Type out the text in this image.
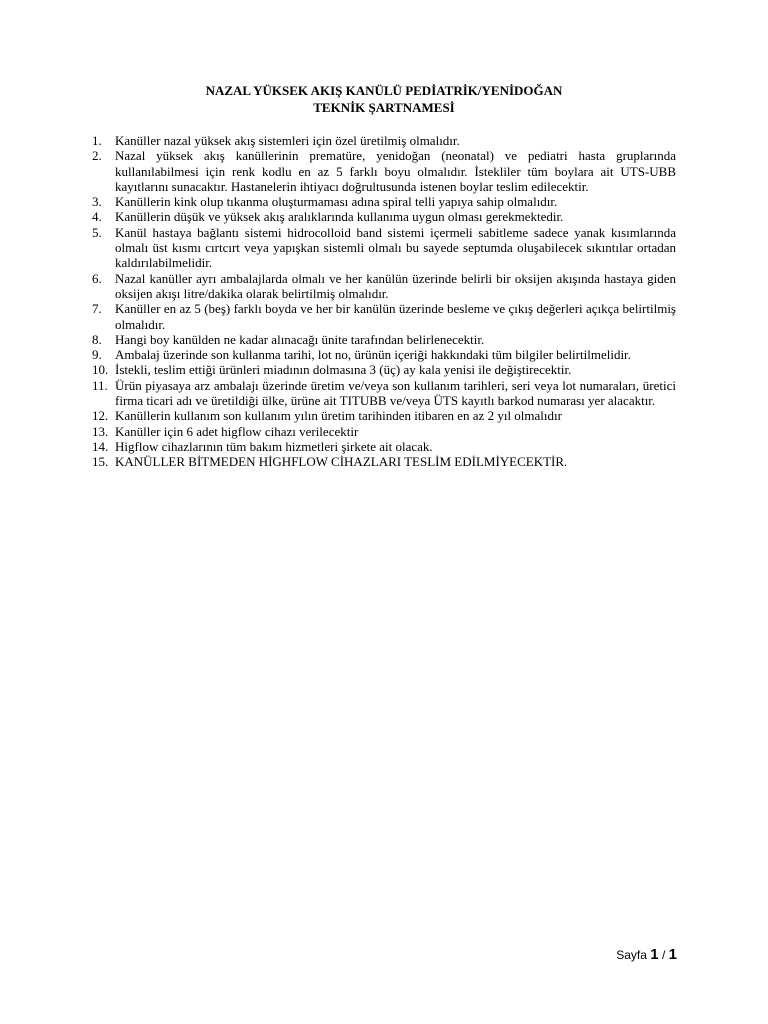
NAZAL YÜKSEK AKIŞ KANÜLÜ PEDİATRİK/YENİDOĞAN
TEKNİK ŞARTNAMESİ
1.	Kanüller nazal yüksek akış sistemleri için özel üretilmiş olmalıdır.
2.	Nazal yüksek akış kanüllerinin prematüre, yenidoğan (neonatal) ve pediatri hasta gruplarında kullanılabilmesi için renk kodlu en az 5 farklı boyu olmalıdır. İstekliler tüm boylara ait UTS-UBB kayıtlarını sunacaktır. Hastanelerin ihtiyacı doğrultusunda istenen boylar teslim edilecektir.
3.	Kanüllerin kink olup tıkanma oluşturmaması adına spiral telli yapıya sahip olmalıdır.
4.	Kanüllerin düşük ve yüksek akış aralıklarında kullanıma uygun olması gerekmektedir.
5.	Kanül hastaya bağlantı sistemi hidrocolloid band sistemi içermeli sabitleme sadece yanak kısımlarında olmalı üst kısmı cırtcırt veya yapışkan sistemli olmalı bu sayede septumda oluşabilecek sıkıntılar ortadan kaldırılabilmelidir.
6.	Nazal kanüller ayrı ambalajlarda olmalı ve her kanülün üzerinde belirli bir oksijen akışında hastaya giden oksijen akışı litre/dakika olarak belirtilmiş olmalıdır.
7.	Kanüller en az 5 (beş) farklı boyda ve her bir kanülün üzerinde besleme ve çıkış değerleri açıkça belirtilmiş olmalıdır.
8.	Hangi boy kanülden ne kadar alınacağı ünite tarafından belirlenecektir.
9.	Ambalaj üzerinde son kullanma tarihi, lot no, ürünün içeriği hakkındaki tüm bilgiler belirtilmelidir.
10. İstekli, teslim ettiği ürünleri miadının dolmasına 3 (üç) ay kala yenisi ile değiştirecektir.
11. Ürün piyasaya arz ambalajı üzerinde üretim ve/veya son kullanım tarihleri, seri veya lot numaraları, üretici firma ticari adı ve üretildiği ülke, ürüne ait TITUBB ve/veya ÜTS kayıtlı barkod numarası yer alacaktır.
12. Kanüllerin kullanım son kullanım yılın üretim tarihinden itibaren en az 2 yıl olmalıdır
13. Kanüller için 6 adet higflow cihazı verilecektir
14. Higflow cihazlarının tüm bakım hizmetleri şirkete ait olacak.
15. KANÜLLER BİTMEDEN HİGHFLOW CİHAZLARI TESLİM EDİLMİYECEKTİR.
Sayfa 1 / 1
